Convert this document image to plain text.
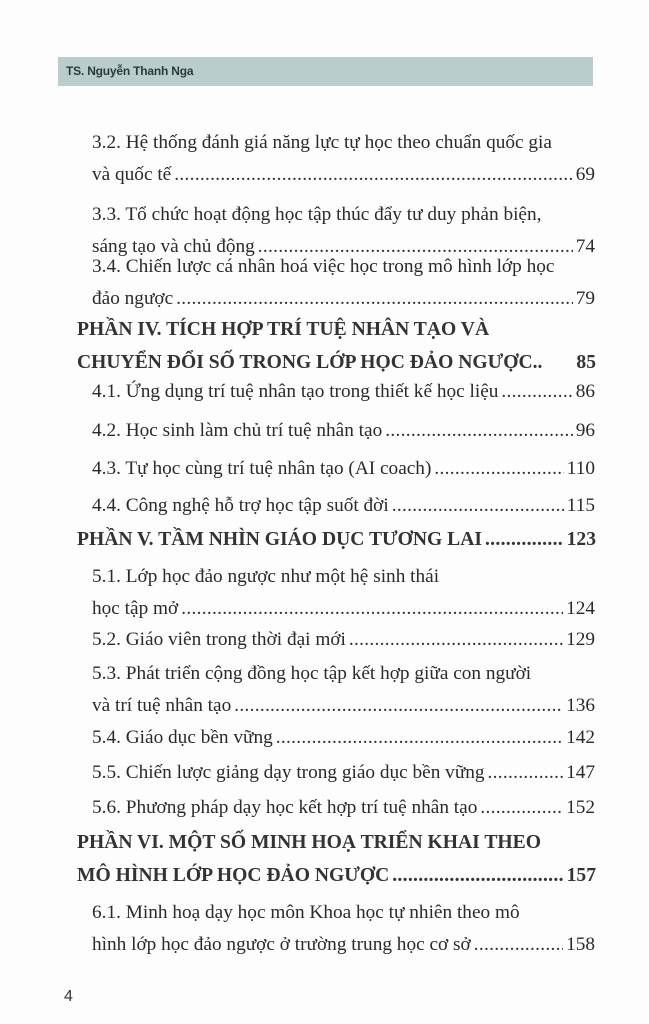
TS. Nguyễn Thanh Nga
3.2. Hệ thống đánh giá năng lực tự học theo chuẩn quốc gia
và quốc tế .....	69
3.3. Tổ chức hoạt động học tập thúc đẩy tư duy phản biện,
sáng tạo và chủ động .....	74
3.4. Chiến lược cá nhân hoá việc học trong mô hình lớp học
đảo ngược .....	79
PHẦN IV. TÍCH HỢP TRÍ TUỆ NHÂN TẠO VÀ
CHUYỂN ĐỔI SỐ TRONG LỚP HỌC ĐẢO NGƯỢC.. 85
4.1. Ứng dụng trí tuệ nhân tạo trong thiết kế học liệu .....	86
4.2. Học sinh làm chủ trí tuệ nhân tạo .....	96
4.3. Tự học cùng trí tuệ nhân tạo (AI coach) .....	110
4.4. Công nghệ hỗ trợ học tập suốt đời .....	115
PHẦN V. TẦM NHÌN GIÁO DỤC TƯƠNG LAI .....	123
5.1. Lớp học đảo ngược như một hệ sinh thái
học tập mở .....	124
5.2. Giáo viên trong thời đại mới .....	129
5.3. Phát triển cộng đồng học tập kết hợp giữa con người
và trí tuệ nhân tạo .....	136
5.4. Giáo dục bền vững .....	142
5.5. Chiến lược giảng dạy trong giáo dục bền vững .....	147
5.6. Phương pháp dạy học kết hợp trí tuệ nhân tạo .....	152
PHẦN VI. MỘT SỐ MINH HOẠ TRIỂN KHAI THEO
MÔ HÌNH LỚP HỌC ĐẢO NGƯỢC .....	157
6.1. Minh hoạ dạy học môn Khoa học tự nhiên theo mô
hình lớp học đảo ngược ở trường trung học cơ sở .....	158
4
